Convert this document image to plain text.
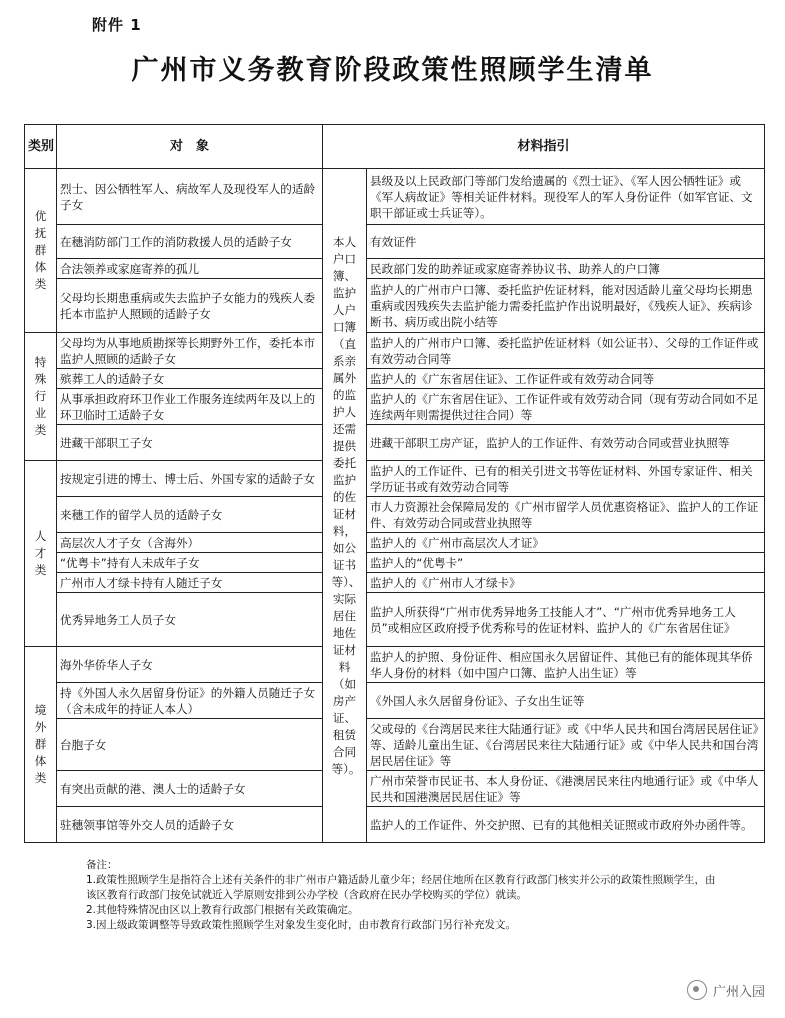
附件 1
广州市义务教育阶段政策性照顾学生清单
类别	对　象	材料指引	
优抚群体类	烈士、因公牺牲军人、病故军人及现役军人的适龄子女	本人户口簿、监护人户口簿（直系亲属外的监护人还需提供委托监护的佐证材料，如公证书等）、实际居住地佐证材料（如房产证、租赁合同等）。	县级及以上民政部门等部门发给遗属的《烈士证》、《军人因公牺牲证》或《军人病故证》等相关证件材料。现役军人的军人身份证件（如军官证、文职干部证或士兵证等）。
	在穗消防部门工作的消防救援人员的适龄子女		有效证件
	合法领养或家庭寄养的孤儿		民政部门发的助养证或家庭寄养协议书、助养人的户口簿
	父母均长期患重病或失去监护子女能力的残疾人委托本市监护人照顾的适龄子女		监护人的广州市户口簿、委托监护佐证材料，能对因适龄儿童父母均长期患重病或因残疾失去监护能力需委托监护作出说明最好，《残疾人证》、疾病诊断书、病历或出院小结等
特殊行业类	父母均为从事地质勘探等长期野外工作，委托本市监护人照顾的适龄子女		监护人的广州市户口簿、委托监护佐证材料（如公证书）、父母的工作证件或有效劳动合同等
	殡葬工人的适龄子女		监护人的《广东省居住证》、工作证件或有效劳动合同等
	从事承担政府环卫作业工作服务连续两年及以上的环卫临时工适龄子女		监护人的《广东省居住证》、工作证件或有效劳动合同（现有劳动合同如不足连续两年则需提供过往合同）等
	进藏干部职工子女		进藏干部职工房产证，监护人的工作证件、有效劳动合同或营业执照等
人才类	按规定引进的博士、博士后、外国专家的适龄子女		监护人的工作证件、已有的相关引进文书等佐证材料、外国专家证件、相关学历证书或有效劳动合同等
	来穗工作的留学人员的适龄子女		市人力资源社会保障局发的《广州市留学人员优惠资格证》、监护人的工作证件、有效劳动合同或营业执照等
	高层次人才子女（含海外）		监护人的《广州市高层次人才证》
	“优粤卡”持有人未成年子女		监护人的“优粤卡”
	广州市人才绿卡持有人随迁子女		监护人的《广州市人才绿卡》
	优秀异地务工人员子女		监护人所获得“广州市优秀异地务工技能人才”、“广州市优秀异地务工人员”或相应区政府授予优秀称号的佐证材料、监护人的《广东省居住证》
境外群体类	海外华侨华人子女		监护人的护照、身份证件、相应国永久居留证件、其他已有的能体现其华侨华人身份的材料（如中国户口簿、监护人出生证）等
	持《外国人永久居留身份证》的外籍人员随迁子女（含未成年的持证人本人）		《外国人永久居留身份证》、子女出生证等
	台胞子女		父或母的《台湾居民来往大陆通行证》或《中华人民共和国台湾居民居住证》等、适龄儿童出生证、《台湾居民来往大陆通行证》或《中华人民共和国台湾居民居住证》等
	有突出贡献的港、澳人士的适龄子女		广州市荣誉市民证书、本人身份证、《港澳居民来往内地通行证》或《中华人民共和国港澳居民居住证》等
	驻穗领事馆等外交人员的适龄子女		监护人的工作证件、外交护照、已有的其他相关证照或市政府外办函件等。

备注：

1.政策性照顾学生是指符合上述有关条件的非广州市户籍适龄儿童少年；经居住地所在区教育行政部门核实并公示的政策性照顾学生，由该区教育行政部门按免试就近入学原则安排到公办学校（含政府在民办学校购买的学位）就读。

2.其他特殊情况由区以上教育行政部门根据有关政策确定。

3.因上级政策调整等导致政策性照顾学生对象发生变化时，由市教育行政部门另行补充发文。

广州入园
